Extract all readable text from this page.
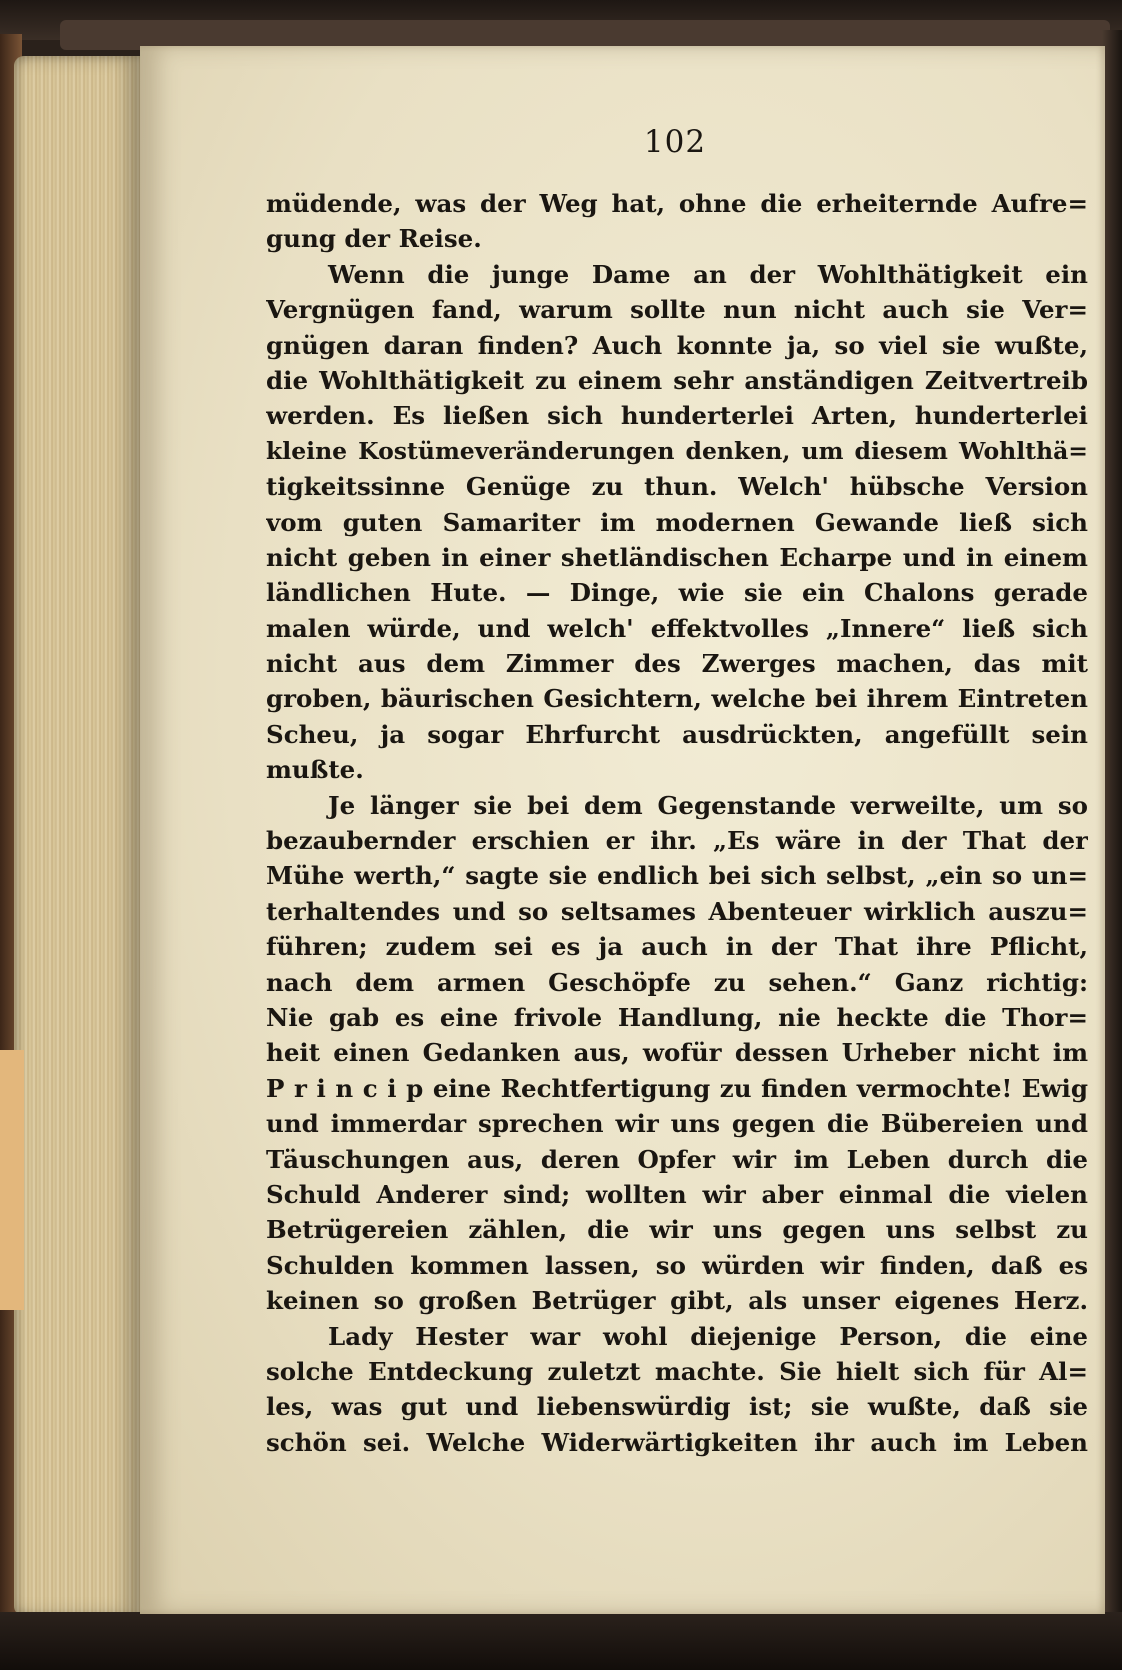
102
müdende, was der Weg hat, ohne die erheiternde Aufre=
gung der Reise.
Wenn die junge Dame an der Wohlthätigkeit ein
Vergnügen fand, warum sollte nun nicht auch sie Ver=
gnügen daran finden? Auch konnte ja, so viel sie wußte,
die Wohlthätigkeit zu einem sehr anständigen Zeitvertreib
werden. Es ließen sich hunderterlei Arten, hunderterlei
kleine Kostümeveränderungen denken, um diesem Wohlthä=
tigkeitssinne Genüge zu thun. Welch' hübsche Version
vom guten Samariter im modernen Gewande ließ sich
nicht geben in einer shetländischen Echarpe und in einem
ländlichen Hute. — Dinge, wie sie ein Chalons gerade
malen würde, und welch' effektvolles „Innere“ ließ sich
nicht aus dem Zimmer des Zwerges machen, das mit
groben, bäurischen Gesichtern, welche bei ihrem Eintreten
Scheu, ja sogar Ehrfurcht ausdrückten, angefüllt sein
mußte.
Je länger sie bei dem Gegenstande verweilte, um so
bezaubernder erschien er ihr. „Es wäre in der That der
Mühe werth,“ sagte sie endlich bei sich selbst, „ein so un=
terhaltendes und so seltsames Abenteuer wirklich auszu=
führen; zudem sei es ja auch in der That ihre Pflicht,
nach dem armen Geschöpfe zu sehen.“ Ganz richtig:
Nie gab es eine frivole Handlung, nie heckte die Thor=
heit einen Gedanken aus, wofür dessen Urheber nicht im
P r i n c i p eine Rechtfertigung zu finden vermochte! Ewig
und immerdar sprechen wir uns gegen die Bübereien und
Täuschungen aus, deren Opfer wir im Leben durch die
Schuld Anderer sind; wollten wir aber einmal die vielen
Betrügereien zählen, die wir uns gegen uns selbst zu
Schulden kommen lassen, so würden wir finden, daß es
keinen so großen Betrüger gibt, als unser eigenes Herz.
Lady Hester war wohl diejenige Person, die eine
solche Entdeckung zuletzt machte. Sie hielt sich für Al=
les, was gut und liebenswürdig ist; sie wußte, daß sie
schön sei. Welche Widerwärtigkeiten ihr auch im Leben
